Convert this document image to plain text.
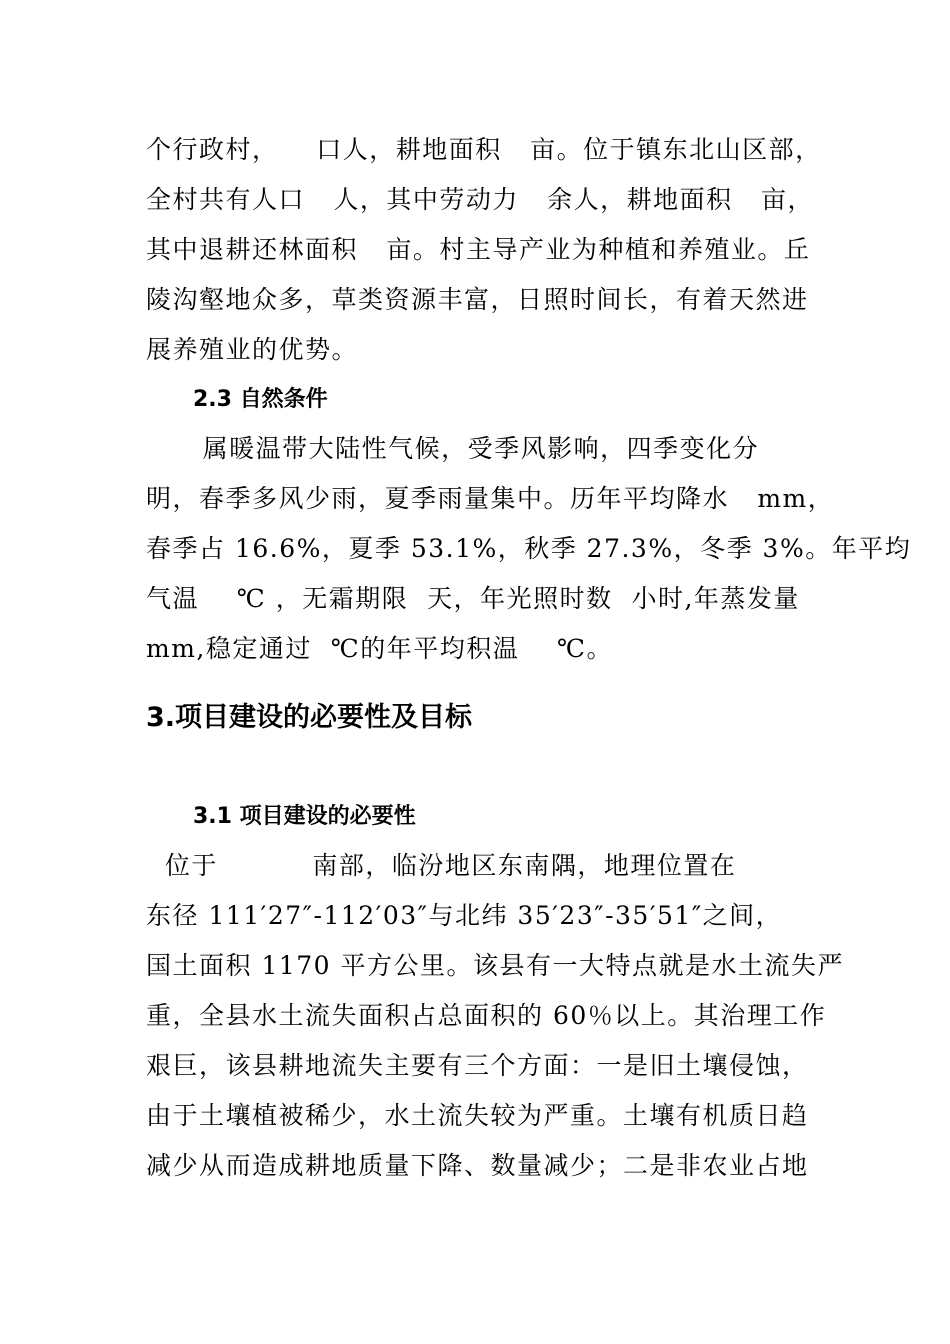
个行政村，    口人，耕地面积   亩。位于镇东北山区部，
全村共有人口   人，其中劳动力   余人，耕地面积   亩，
其中退耕还林面积   亩。村主导产业为种植和养殖业。丘
陵沟壑地众多，草类资源丰富，日照时间长，有着天然进
展养殖业的优势。
2.3 自然条件
属暖温带大陆性气候，受季风影响，四季变化分
明，春季多风少雨，夏季雨量集中。历年平均降水   mm，
春季占 16.6%，夏季 53.1%，秋季 27.3%，冬季 3%。年平均
气温    ℃ ，无霜期限  天，年光照时数  小时,年蒸发量
mm,稳定通过  ℃的年平均积温    ℃。
3.项目建设的必要性及目标
3.1 项目建设的必要性
位于          南部，临汾地区东南隅，地理位置在
东径 111′27″-112′03″与北纬 35′23″-35′51″之间，
国土面积 1170 平方公里。该县有一大特点就是水土流失严
重，全县水土流失面积占总面积的 60％以上。其治理工作
艰巨，该县耕地流失主要有三个方面：一是旧土壤侵蚀，
由于土壤植被稀少，水土流失较为严重。土壤有机质日趋
减少从而造成耕地质量下降、数量减少；二是非农业占地
